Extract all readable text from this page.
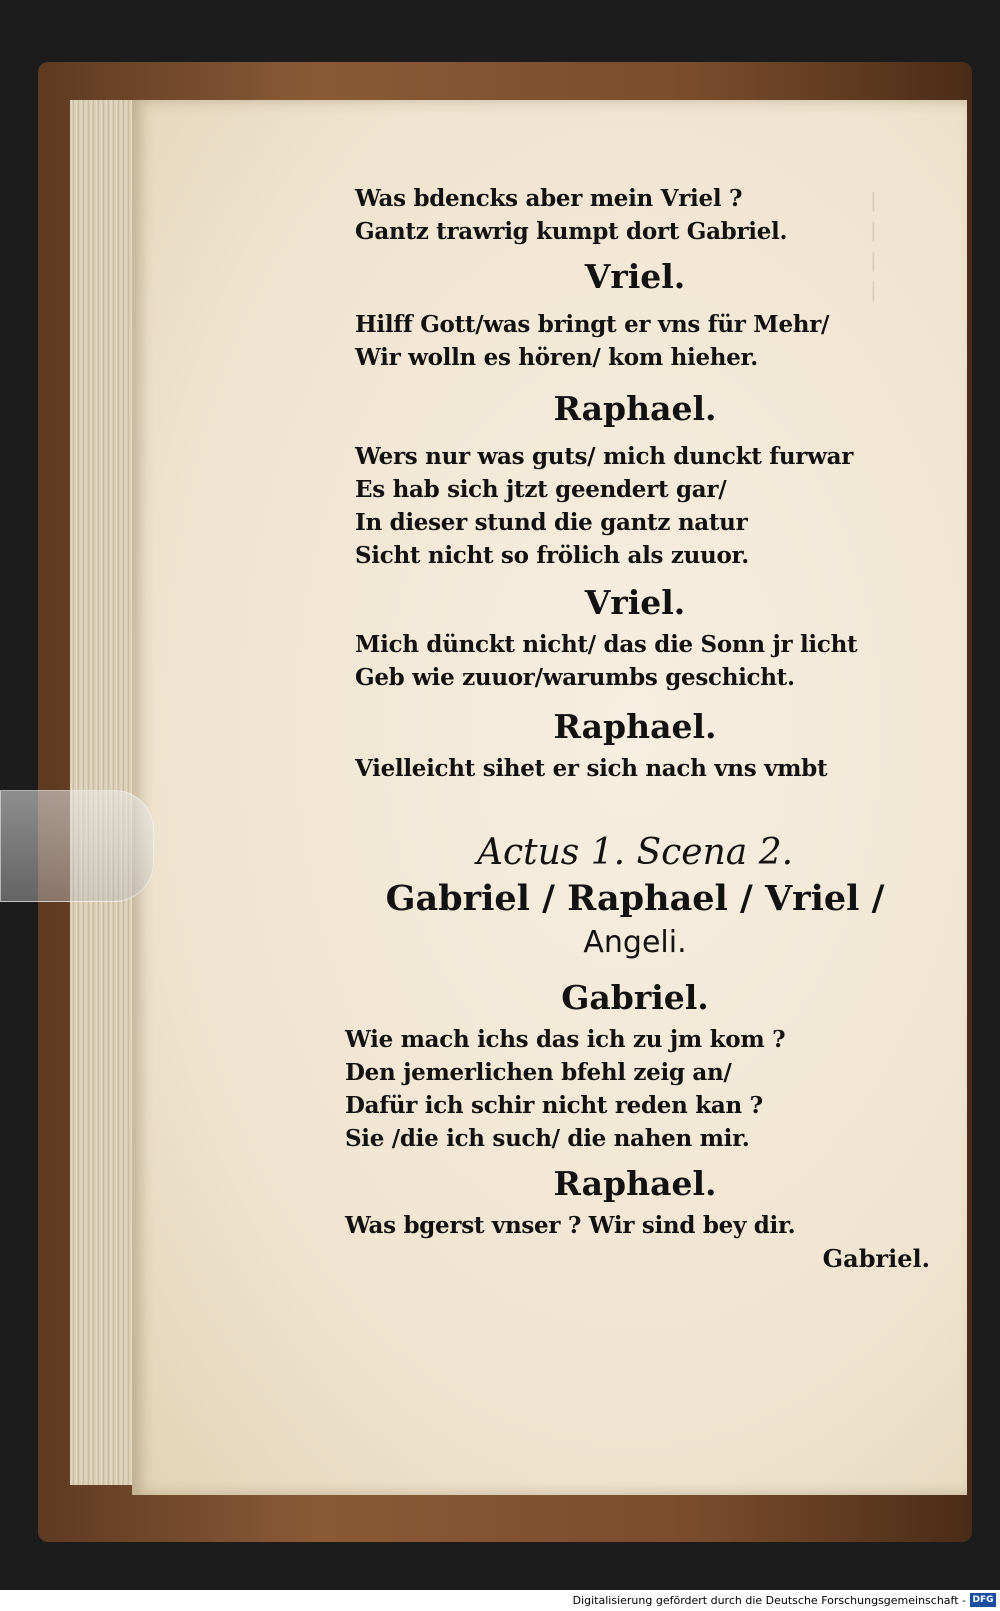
|
|
|
|
Was bdencks aber mein Vriel ?
Gantz trawrig kumpt dort Gabriel.
Vriel.
Hilff Gott/was bringt er vns für Mehr/
Wir wolln es hören/ kom hieher.
Raphael.
Wers nur was guts/ mich dunckt furwar
Es hab sich jtzt geendert gar/
In dieser stund die gantz natur
Sicht nicht so frölich als zuuor.
Vriel.
Mich dünckt nicht/ das die Sonn jr licht
Geb wie zuuor/warumbs geschicht.
Raphael.
Vielleicht sihet er sich nach vns vmbt
Actus 1. Scena 2.
Gabriel / Raphael / Vriel /
Angeli.
Gabriel.
Wie mach ichs das ich zu jm kom ?
Den jemerlichen bfehl zeig an/
Dafür ich schir nicht reden kan ?
Sie /die ich such/ die nahen mir.
Raphael.
Was bgerst vnser ? Wir sind bey dir.
Gabriel.
Digitalisierung gefördert durch die Deutsche Forschungsgemeinschaft - DFG
